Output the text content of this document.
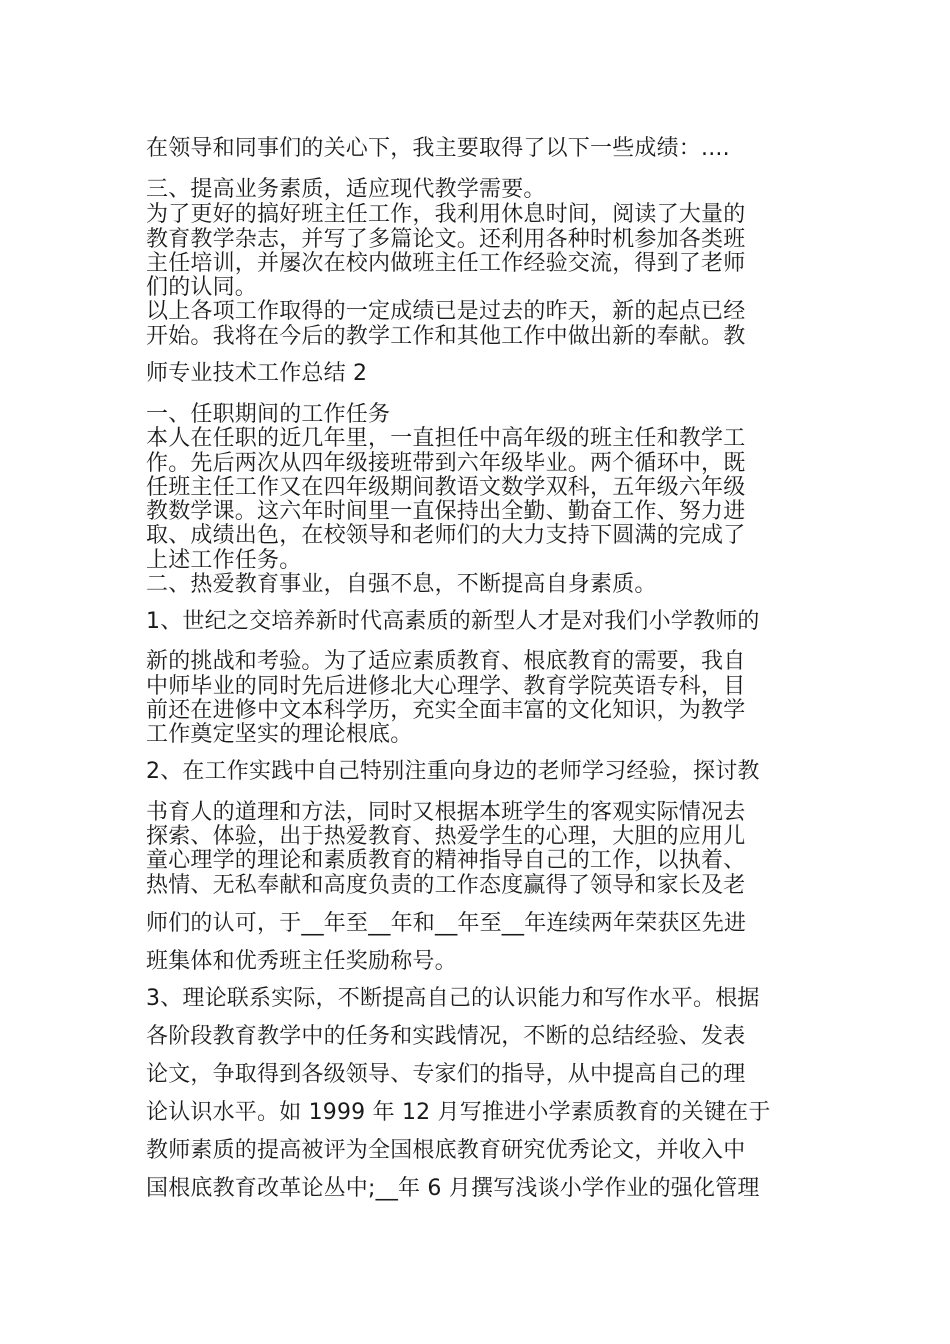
在领导和同事们的关心下，我主要取得了以下一些成绩：....
三、提高业务素质，适应现代教学需要。
为了更好的搞好班主任工作，我利用休息时间，阅读了大量的
教育教学杂志，并写了多篇论文。还利用各种时机参加各类班
主任培训，并屡次在校内做班主任工作经验交流，得到了老师
们的认同。
以上各项工作取得的一定成绩已是过去的昨天，新的起点已经
开始。我将在今后的教学工作和其他工作中做出新的奉献。教
师专业技术工作总结 2
一、任职期间的工作任务
本人在任职的近几年里，一直担任中高年级的班主任和教学工
作。先后两次从四年级接班带到六年级毕业。两个循环中，既
任班主任工作又在四年级期间教语文数学双科，五年级六年级
教数学课。这六年时间里一直保持出全勤、勤奋工作、努力进
取、成绩出色，在校领导和老师们的大力支持下圆满的完成了
上述工作任务。
二、热爱教育事业，自强不息，不断提高自身素质。
1、世纪之交培养新时代高素质的新型人才是对我们小学教师的
新的挑战和考验。为了适应素质教育、根底教育的需要，我自
中师毕业的同时先后进修北大心理学、教育学院英语专科，目
前还在进修中文本科学历，充实全面丰富的文化知识，为教学
工作奠定坚实的理论根底。
2、在工作实践中自己特别注重向身边的老师学习经验，探讨教
书育人的道理和方法，同时又根据本班学生的客观实际情况去
探索、体验，出于热爱教育、热爱学生的心理，大胆的应用儿
童心理学的理论和素质教育的精神指导自己的工作，以执着、
热情、无私奉献和高度负责的工作态度赢得了领导和家长及老
师们的认可，于__年至__年和__年至__年连续两年荣获区先进
班集体和优秀班主任奖励称号。
3、理论联系实际，不断提高自己的认识能力和写作水平。根据
各阶段教育教学中的任务和实践情况，不断的总结经验、发表
论文，争取得到各级领导、专家们的指导，从中提高自己的理
论认识水平。如 1999 年 12 月写推进小学素质教育的关键在于
教师素质的提高被评为全国根底教育研究优秀论文，并收入中
国根底教育改革论丛中;__年 6 月撰写浅谈小学作业的强化管理
